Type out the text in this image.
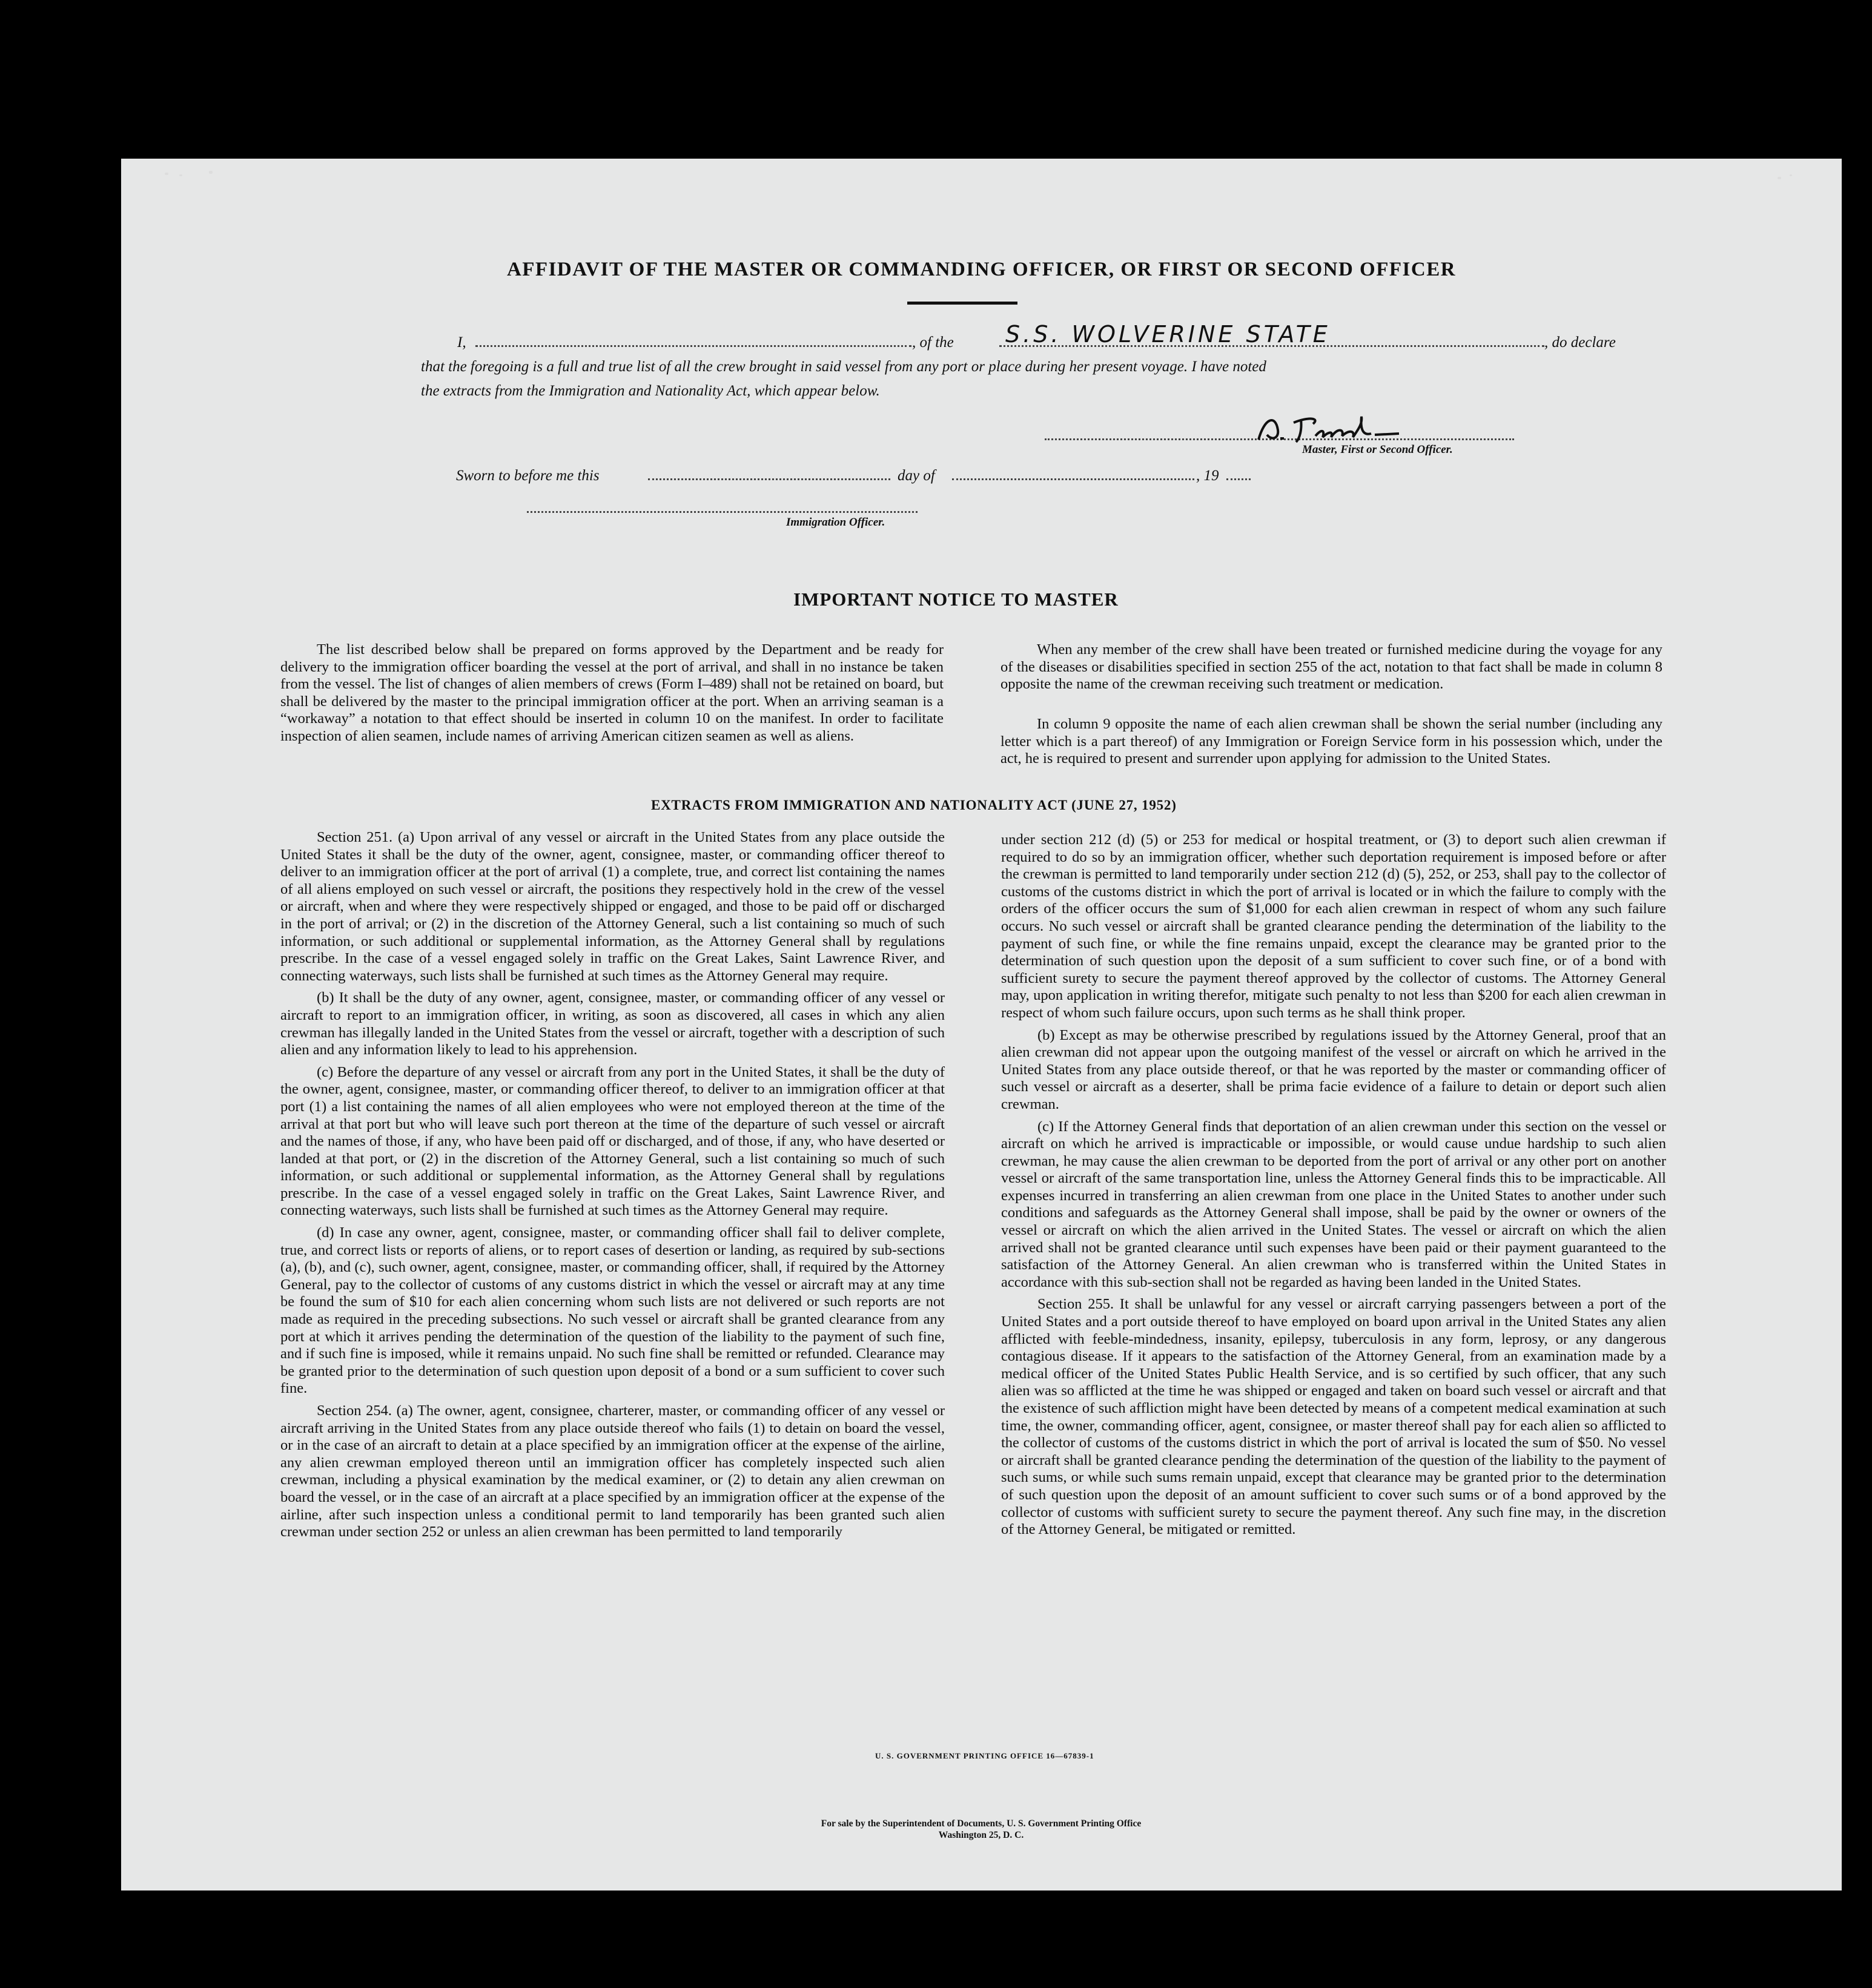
AFFIDAVIT OF THE MASTER OR COMMANDING OFFICER, OR FIRST OR SECOND OFFICER
I,	, of the S.S. WOLVERINE STATE	, do declare
that the foregoing is a full and true list of all the crew brought in said vessel from any port or place during her present voyage. I have noted
the extracts from the Immigration and Nationality Act, which appear below.
Master, First or Second Officer.
Sworn to before me this	day of	, 19
Immigration Officer.
IMPORTANT NOTICE TO MASTER

The list described below shall be prepared on forms approved by the Department and be ready for delivery to the immigration officer boarding the vessel at the port of arrival, and shall in no instance be taken from the vessel. The list of changes of alien members of crews (Form I–489) shall not be retained on board, but shall be delivered by the master to the principal immigration officer at the port. When an arriving seaman is a “workaway” a notation to that effect should be inserted in column 10 on the manifest. In order to facilitate inspection of alien seamen, include names of arriving American citizen seamen as well as aliens.

When any member of the crew shall have been treated or furnished medicine during the voyage for any of the diseases or disabilities specified in section 255 of the act, notation to that fact shall be made in column 8 opposite the name of the crewman receiving such treatment or medication.

In column 9 opposite the name of each alien crewman shall be shown the serial number (including any letter which is a part thereof) of any Immigration or Foreign Service form in his possession which, under the act, he is required to present and surrender upon applying for admission to the United States.

EXTRACTS FROM IMMIGRATION AND NATIONALITY ACT (JUNE 27, 1952)

Section 251. (a) Upon arrival of any vessel or aircraft in the United States from any place outside the United States it shall be the duty of the owner, agent, consignee, master, or commanding officer thereof to deliver to an immigration officer at the port of arrival (1) a complete, true, and correct list containing the names of all aliens employed on such vessel or aircraft, the positions they respectively hold in the crew of the vessel or aircraft, when and where they were respectively shipped or engaged, and those to be paid off or discharged in the port of arrival; or (2) in the discretion of the Attorney General, such a list containing so much of such information, or such additional or supplemental information, as the Attorney General shall by regulations prescribe. In the case of a vessel engaged solely in traffic on the Great Lakes, Saint Lawrence River, and connecting waterways, such lists shall be furnished at such times as the Attorney General may require.

(b) It shall be the duty of any owner, agent, consignee, master, or commanding officer of any vessel or aircraft to report to an immigration officer, in writing, as soon as discovered, all cases in which any alien crewman has illegally landed in the United States from the vessel or aircraft, together with a description of such alien and any information likely to lead to his apprehension.

(c) Before the departure of any vessel or aircraft from any port in the United States, it shall be the duty of the owner, agent, consignee, master, or commanding officer thereof, to deliver to an immigration officer at that port (1) a list containing the names of all alien employees who were not employed thereon at the time of the arrival at that port but who will leave such port thereon at the time of the departure of such vessel or aircraft and the names of those, if any, who have been paid off or discharged, and of those, if any, who have deserted or landed at that port, or (2) in the discretion of the Attorney General, such a list containing so much of such information, or such additional or supplemental information, as the Attorney General shall by regulations prescribe. In the case of a vessel engaged solely in traffic on the Great Lakes, Saint Lawrence River, and connecting waterways, such lists shall be furnished at such times as the Attorney General may require.

(d) In case any owner, agent, consignee, master, or commanding officer shall fail to deliver complete, true, and correct lists or reports of aliens, or to report cases of desertion or landing, as required by sub-sections (a), (b), and (c), such owner, agent, consignee, master, or commanding officer, shall, if required by the Attorney General, pay to the collector of customs of any customs district in which the vessel or aircraft may at any time be found the sum of $10 for each alien concerning whom such lists are not delivered or such reports are not made as required in the preceding subsections. No such vessel or aircraft shall be granted clearance from any port at which it arrives pending the determination of the question of the liability to the payment of such fine, and if such fine is imposed, while it remains unpaid. No such fine shall be remitted or refunded. Clearance may be granted prior to the determination of such question upon deposit of a bond or a sum sufficient to cover such fine.

Section 254. (a) The owner, agent, consignee, charterer, master, or commanding officer of any vessel or aircraft arriving in the United States from any place outside thereof who fails (1) to detain on board the vessel, or in the case of an aircraft to detain at a place specified by an immigration officer at the expense of the airline, any alien crewman employed thereon until an immigration officer has completely inspected such alien crewman, including a physical examination by the medical examiner, or (2) to detain any alien crewman on board the vessel, or in the case of an aircraft at a place specified by an immigration officer at the expense of the airline, after such inspection unless a conditional permit to land temporarily has been granted such alien crewman under section 252 or unless an alien crewman has been permitted to land temporarily

under section 212 (d) (5) or 253 for medical or hospital treatment, or (3) to deport such alien crewman if required to do so by an immigration officer, whether such deportation requirement is imposed before or after the crewman is permitted to land temporarily under section 212 (d) (5), 252, or 253, shall pay to the collector of customs of the customs district in which the port of arrival is located or in which the failure to comply with the orders of the officer occurs the sum of $1,000 for each alien crewman in respect of whom any such failure occurs. No such vessel or aircraft shall be granted clearance pending the determination of the liability to the payment of such fine, or while the fine remains unpaid, except the clearance may be granted prior to the determination of such question upon the deposit of a sum sufficient to cover such fine, or of a bond with sufficient surety to secure the payment thereof approved by the collector of customs. The Attorney General may, upon application in writing therefor, mitigate such penalty to not less than $200 for each alien crewman in respect of whom such failure occurs, upon such terms as he shall think proper.

(b) Except as may be otherwise prescribed by regulations issued by the Attorney General, proof that an alien crewman did not appear upon the outgoing manifest of the vessel or aircraft on which he arrived in the United States from any place outside thereof, or that he was reported by the master or commanding officer of such vessel or aircraft as a deserter, shall be prima facie evidence of a failure to detain or deport such alien crewman.

(c) If the Attorney General finds that deportation of an alien crewman under this section on the vessel or aircraft on which he arrived is impracticable or impossible, or would cause undue hardship to such alien crewman, he may cause the alien crewman to be deported from the port of arrival or any other port on another vessel or aircraft of the same transportation line, unless the Attorney General finds this to be impracticable. All expenses incurred in transferring an alien crewman from one place in the United States to another under such conditions and safeguards as the Attorney General shall impose, shall be paid by the owner or owners of the vessel or aircraft on which the alien arrived in the United States. The vessel or aircraft on which the alien arrived shall not be granted clearance until such expenses have been paid or their payment guaranteed to the satisfaction of the Attorney General. An alien crewman who is transferred within the United States in accordance with this sub-section shall not be regarded as having been landed in the United States.

Section 255. It shall be unlawful for any vessel or aircraft carrying passengers between a port of the United States and a port outside thereof to have employed on board upon arrival in the United States any alien afflicted with feeble-mindedness, insanity, epilepsy, tuberculosis in any form, leprosy, or any dangerous contagious disease. If it appears to the satisfaction of the Attorney General, from an examination made by a medical officer of the United States Public Health Service, and is so certified by such officer, that any such alien was so afflicted at the time he was shipped or engaged and taken on board such vessel or aircraft and that the existence of such affliction might have been detected by means of a competent medical examination at such time, the owner, commanding officer, agent, consignee, or master thereof shall pay for each alien so afflicted to the collector of customs of the customs district in which the port of arrival is located the sum of $50. No vessel or aircraft shall be granted clearance pending the determination of the question of the liability to the payment of such sums, or while such sums remain unpaid, except that clearance may be granted prior to the determination of such question upon the deposit of an amount sufficient to cover such sums or of a bond approved by the collector of customs with sufficient surety to secure the payment thereof. Any such fine may, in the discretion of the Attorney General, be mitigated or remitted.

U. S. GOVERNMENT PRINTING OFFICE 16—67839-1
For sale by the Superintendent of Documents, U. S. Government Printing Office
Washington 25, D. C.
